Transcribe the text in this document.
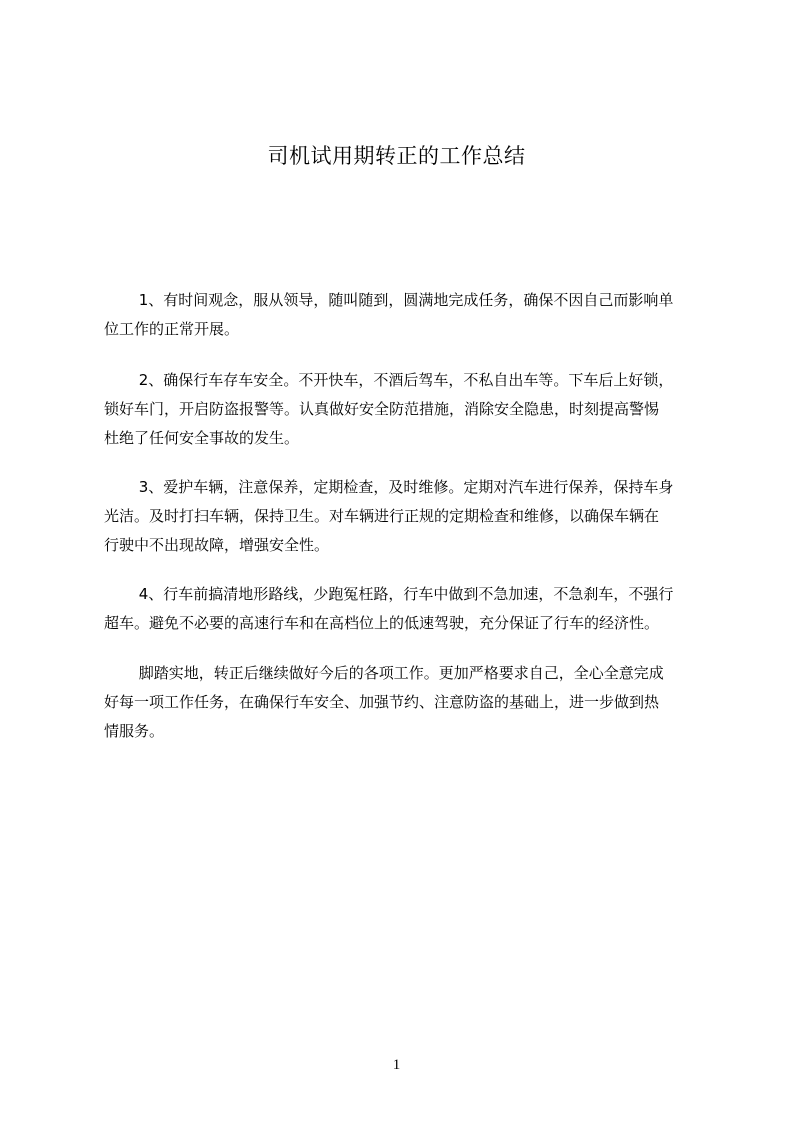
司机试用期转正的工作总结
　　 1、有时间观念，服从领导，随叫随到，圆满地完成任务，确保不因自己而影响单
位工作的正常开展。
　　 2、确保行车存车安全。不开快车，不酒后驾车，不私自出车等。下车后上好锁，
锁好车门，开启防盗报警等。认真做好安全防范措施，消除安全隐患，时刻提高警惕
杜绝了任何安全事故的发生。
　　 3、爱护车辆，注意保养，定期检查，及时维修。定期对汽车进行保养，保持车身
光洁。及时打扫车辆，保持卫生。对车辆进行正规的定期检查和维修，以确保车辆在
行驶中不出现故障，增强安全性。
　　 4、行车前搞清地形路线，少跑冤枉路，行车中做到不急加速，不急刹车，不强行
超车。避免不必要的高速行车和在高档位上的低速驾驶，充分保证了行车的经济性。
　　 脚踏实地，转正后继续做好今后的各项工作。更加严格要求自己，全心全意完成
好每一项工作任务，在确保行车安全、加强节约、注意防盗的基础上，进一步做到热
情服务。
1
